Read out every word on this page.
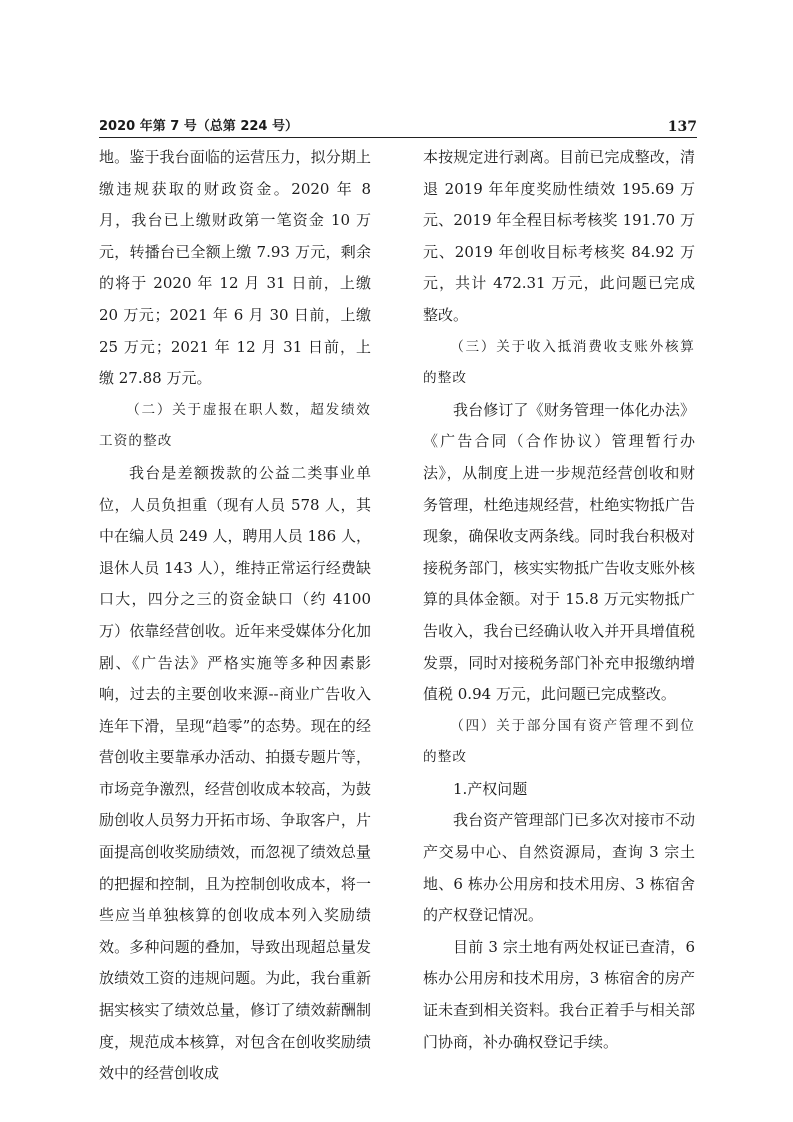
2020 年第 7 号（总第 224 号）	137

地。鉴于我台面临的运营压力，拟分期上缴违规获取的财政资金。2020 年 8 月，我台已上缴财政第一笔资金 10 万元，转播台已全额上缴 7.93 万元，剩余的将于 2020 年 12 月 31 日前，上缴 20 万元；2021 年 6 月 30 日前，上缴 25 万元；2021 年 12 月 31 日前，上缴 27.88 万元。

（二）关于虚报在职人数，超发绩效工资的整改

我台是差额拨款的公益二类事业单位，人员负担重（现有人员 578 人，其中在编人员 249 人，聘用人员 186 人，退休人员 143 人），维持正常运行经费缺口大，四分之三的资金缺口（约 4100 万）依靠经营创收。近年来受媒体分化加剧、《广告法》严格实施等多种因素影响，过去的主要创收来源--商业广告收入连年下滑，呈现“趋零”的态势。现在的经营创收主要靠承办活动、拍摄专题片等，市场竞争激烈，经营创收成本较高，为鼓励创收人员努力开拓市场、争取客户，片面提高创收奖励绩效，而忽视了绩效总量的把握和控制，且为控制创收成本，将一些应当单独核算的创收成本列入奖励绩效。多种问题的叠加，导致出现超总量发放绩效工资的违规问题。为此，我台重新据实核实了绩效总量，修订了绩效薪酬制度，规范成本核算，对包含在创收奖励绩效中的经营创收成

本按规定进行剥离。目前已完成整改，清退 2019 年年度奖励性绩效 195.69 万元、2019 年全程目标考核奖 191.70 万元、2019 年创收目标考核奖 84.92 万元，共计 472.31 万元，此问题已完成整改。

（三）关于收入抵消费收支账外核算的整改

我台修订了《财务管理一体化办法》《广告合同（合作协议）管理暂行办法》，从制度上进一步规范经营创收和财务管理，杜绝违规经营，杜绝实物抵广告现象，确保收支两条线。同时我台积极对接税务部门，核实实物抵广告收支账外核算的具体金额。对于 15.8 万元实物抵广告收入，我台已经确认收入并开具增值税发票，同时对接税务部门补充申报缴纳增值税 0.94 万元，此问题已完成整改。

（四）关于部分国有资产管理不到位的整改

1.产权问题

我台资产管理部门已多次对接市不动产交易中心、自然资源局，查询 3 宗土地、6 栋办公用房和技术用房、3 栋宿舍的产权登记情况。

目前 3 宗土地有两处权证已查清，6 栋办公用房和技术用房，3 栋宿舍的房产证未查到相关资料。我台正着手与相关部门协商，补办确权登记手续。
